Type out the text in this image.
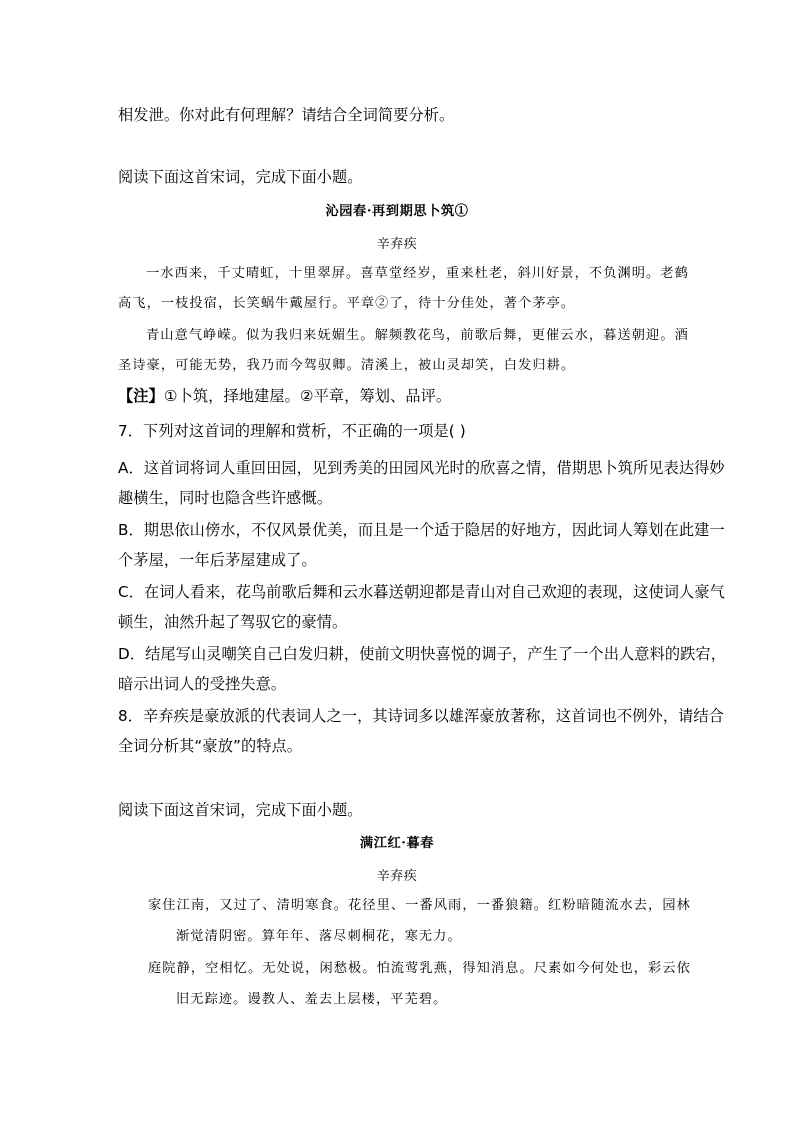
相发泄。你对此有何理解？请结合全词简要分析。
阅读下面这首宋词，完成下面小题。
沁园春·再到期思卜筑①
辛弃疾
一水西来，千丈晴虹，十里翠屏。喜草堂经岁，重来杜老，斜川好景，不负渊明。老鹤
高飞，一枝投宿，长笑蜗牛戴屋行。平章②了，待十分佳处，著个茅亭。
青山意气峥嵘。似为我归来妩媚生。解频教花鸟，前歌后舞，更催云水，暮送朝迎。酒
圣诗豪，可能无势，我乃而今驾驭卿。清溪上，被山灵却笑，白发归耕。
【注】①卜筑，择地建屋。②平章，筹划、品评。
7．下列对这首词的理解和赏析，不正确的一项是( )
A．这首词将词人重回田园，见到秀美的田园风光时的欣喜之情，借期思卜筑所见表达得妙
趣横生，同时也隐含些许感慨。
B．期思依山傍水，不仅风景优美，而且是一个适于隐居的好地方，因此词人筹划在此建一
个茅屋，一年后茅屋建成了。
C．在词人看来，花鸟前歌后舞和云水暮送朝迎都是青山对自己欢迎的表现，这使词人豪气
顿生，油然升起了驾驭它的豪情。
D．结尾写山灵嘲笑自己白发归耕，使前文明快喜悦的调子，产生了一个出人意料的跌宕，
暗示出词人的受挫失意。
8．辛弃疾是豪放派的代表词人之一，其诗词多以雄浑豪放著称，这首词也不例外，请结合
全词分析其“豪放”的特点。
阅读下面这首宋词，完成下面小题。
满江红·暮春
辛弃疾
家住江南，又过了、清明寒食。花径里、一番风雨，一番狼籍。红粉暗随流水去，园林
渐觉清阴密。算年年、落尽刺桐花，寒无力。
庭院静，空相忆。无处说，闲愁极。怕流莺乳燕，得知消息。尺素如今何处也，彩云依
旧无踪迹。谩教人、羞去上层楼，平芜碧。
